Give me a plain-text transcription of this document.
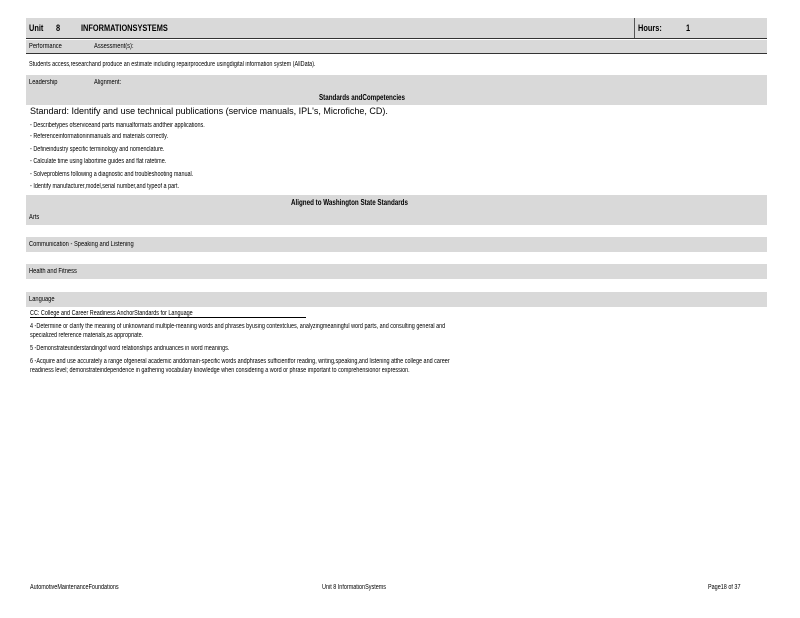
Unit 8 INFORMATIONSYSTEMS	Hours:	1
Performance	Assessment(s):
Students access,researchand produce an estimate including repairprocedure usingdigital information system (AllData).
Leadership	Alignment:
Standards andCompetencies
Standard: Identify and use technical publications (service manuals, IPL's, Microfiche, CD).
- Describetypes ofserviceand parts manualformats andtheir applications.
- Referenceinformationinmanuals and materials correctly.
- Defineindustry specific terminology and nomenclature.
- Calculate time using labortime guides and flat ratetime.
- Solveproblems following a diagnostic and troubleshooting manual.
- Identify manufacturer,model,serial number,and typeof a part.
Aligned to Washington State Standards
Arts
Communication - Speaking and Listening
Health and Fitness
Language
CC: College and Career Readiness AnchorStandards for Language
4 -Determine or clarify the meaning of unknownand multiple-meaning words and phrases byusing contextclues, analyzingmeaningful word parts, and consulting general and
specialized reference materials,as appropriate.
5 -Demonstrateunderstandingof word relationships andnuances in word meanings.
6 -Acquire and use accurately a range ofgeneral academic anddomain-specific words andphrases sufficientfor reading, writing,speaking,and listening atthe college and career
readiness level; demonstrateindependence in gathering vocabulary knowledge when considering a word or phrase important to comprehensionor expression.
AutomotiveMaintenanceFoundations	Unit 8 InformationSystems	Page18 of 37
